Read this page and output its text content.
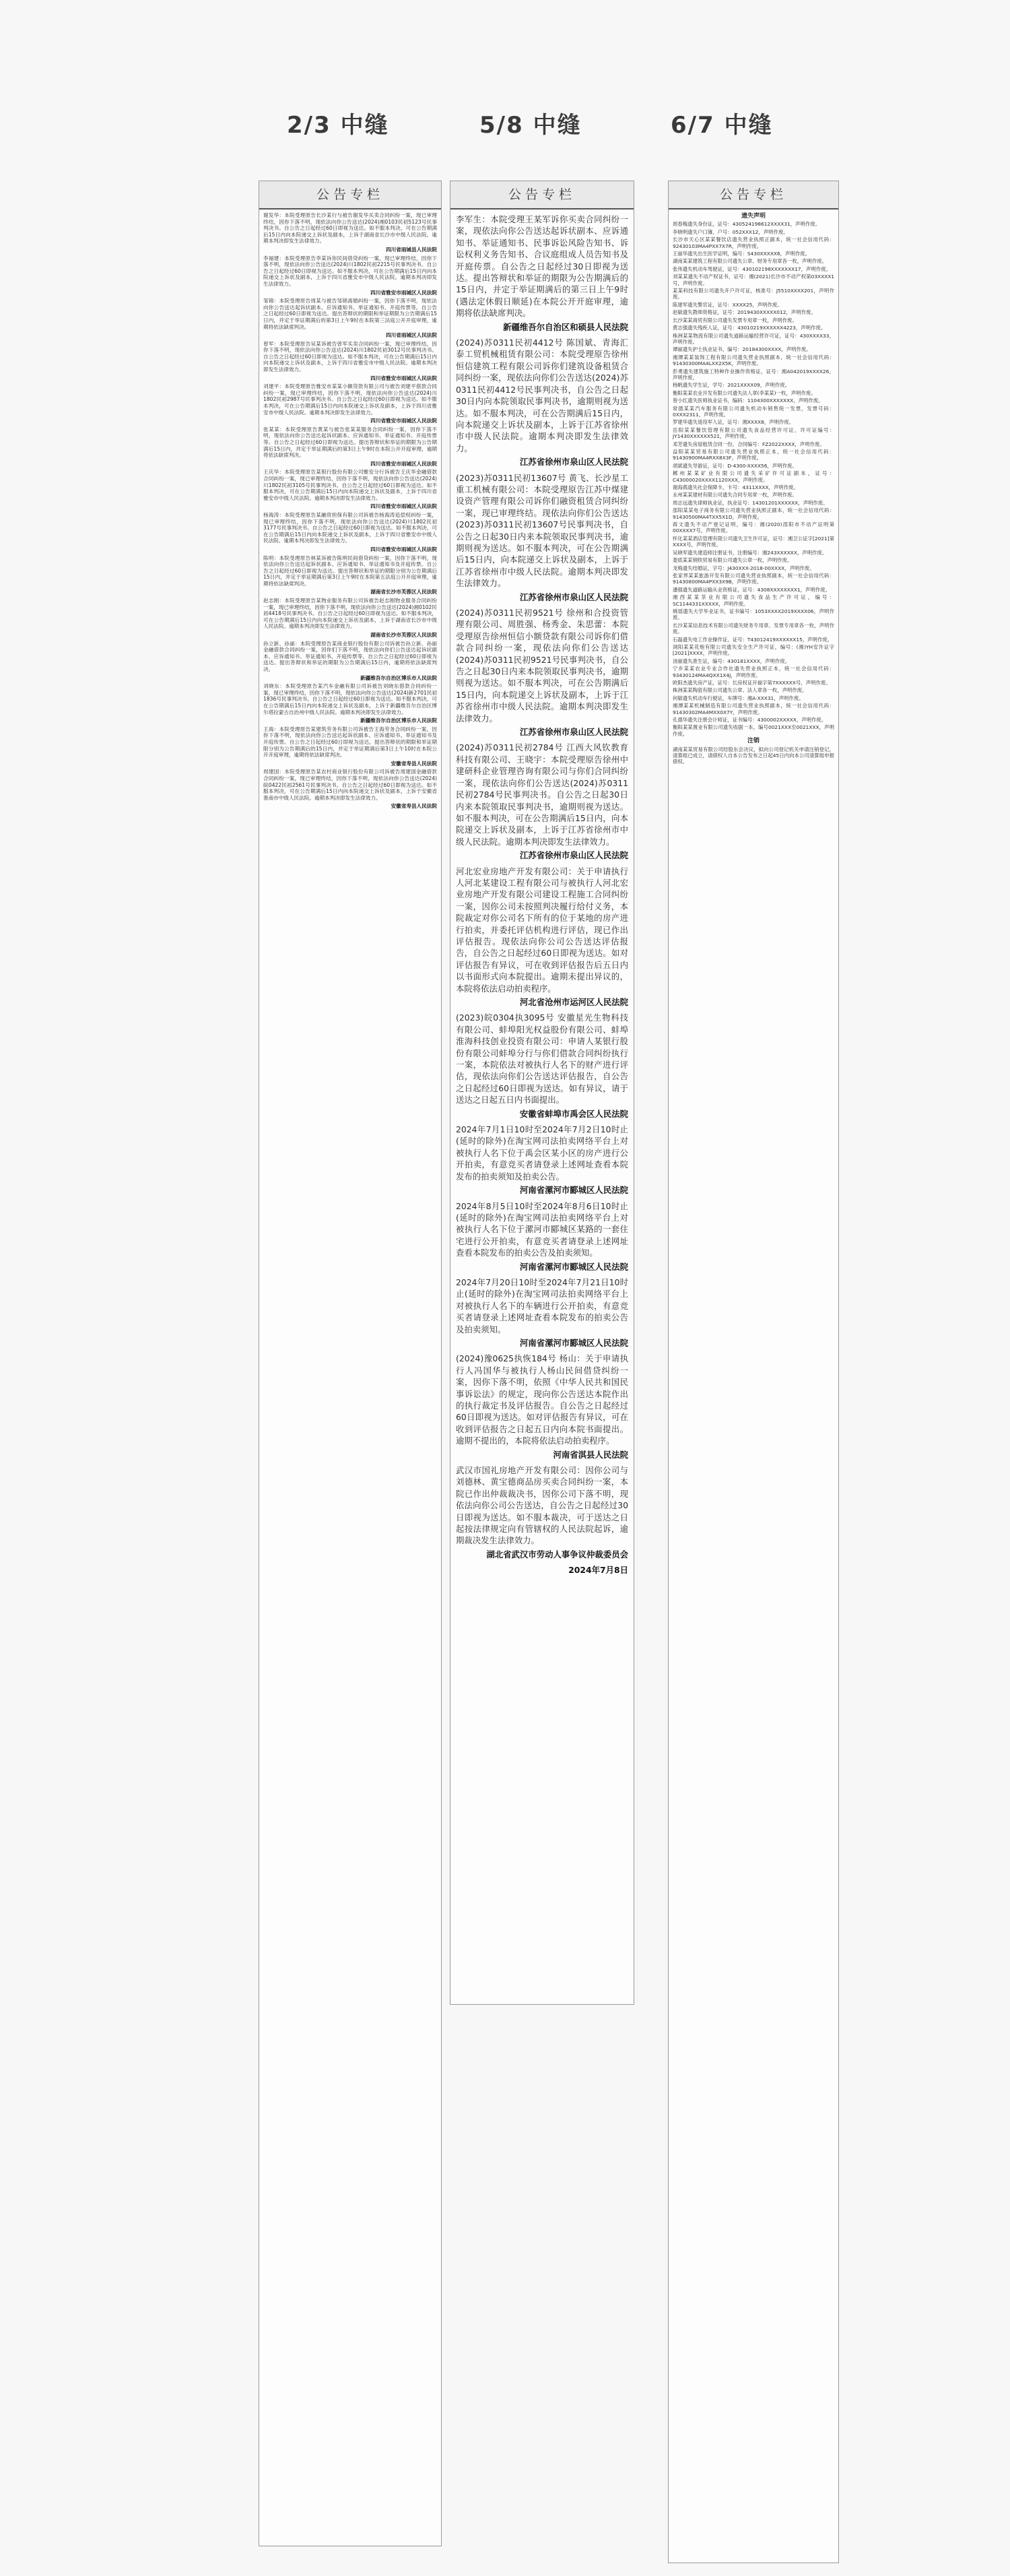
2/3 中缝	5/8 中缝	6/7 中缝
公告专栏
谢发华：本院受理原告长沙某行与被告谢发华买卖合同纠纷一案，现已审理终结，因你下落不明，现依法向你公告送达(2024)湘0103民初5123号民事判决书。自公告之日起经过60日即视为送达。如不服本判决，可在公告期满后15日内向本院递交上诉状及副本，上诉于湖南省长沙市中级人民法院。逾期本判决即发生法律效力。
四川省雨城县人民法院
李福建：本院受理原告李某诉你民间借贷纠纷一案，现已审理终结，因你下落不明，现依法向你公告送达(2024)川1802民初2215号民事判决书。自公告之日起经过60日即视为送达。如不服本判决，可在公告期满后15日内向本院递交上诉状及副本，上诉于四川省雅安市中级人民法院。逾期本判决即发生法律效力。
四川省雅安市雨城区人民法院
邹锦：本院受理原告周某与被告邹锦离婚纠纷一案，因你下落不明，现依法向你公告送达起诉状副本、应诉通知书、举证通知书、开庭传票等，自公告之日起经过60日即视为送达。提出答辩状的期限和举证期限为公告期满后15日内，并定于举证期满后的第3日上午9时在本院第三法庭公开开庭审理，逾期将依法缺席判决。
四川省雨城区人民法院
曾军：本院受理原告吴某诉被告曾军买卖合同纠纷一案，现已审理终结，因你下落不明，现依法向你公告送达(2024)川1802民初3012号民事判决书。自公告之日起经过60日即视为送达。如不服本判决，可在公告期满后15日内向本院递交上诉状及副本，上诉于四川省雅安市中级人民法院。逾期本判决即发生法律效力。
四川省雅安市雨城区人民法院
刘建平：本院受理原告雅安市某某小额贷款有限公司与被告刘建平借款合同纠纷一案，现已审理终结，因你下落不明，现依法向你公告送达(2024)川1802民初2987号民事判决书。自公告之日起经过60日即视为送达。如不服本判决，可在公告期满后15日内向本院递交上诉状及副本，上诉于四川省雅安市中级人民法院。逾期本判决即发生法律效力。
四川省雅安市雨城区人民法院
张某某：本院受理原告黄某与被告张某某服务合同纠纷一案，因你下落不明，现依法向你公告送达起诉状副本、应诉通知书、举证通知书、开庭传票等。自公告之日起经过60日即视为送达。提出答辩状和举证的期限为公告期满后15日内，并定于举证期满后的第3日上午9时在本院公开开庭审理，逾期将依法缺席判决。
四川省雅安市雨城区人民法院
王庆华：本院受理原告某银行股份有限公司雅安分行诉被告王庆华金融借款合同纠纷一案，现已审理终结，因你下落不明，现依法向你公告送达(2024)川1802民初3105号民事判决书。自公告之日起经过60日即视为送达。如不服本判决，可在公告期满后15日内向本院递交上诉状及副本，上诉于四川省雅安市中级人民法院。逾期本判决即发生法律效力。
四川省雅安市雨城区人民法院
杨海涛：本院受理原告某融资担保有限公司诉被告杨海涛追偿权纠纷一案，现已审理终结，因你下落不明，现依法向你公告送达(2024)川1802民初3177号民事判决书。自公告之日起经过60日即视为送达。如不服本判决，可在公告期满后15日内向本院递交上诉状及副本，上诉于四川省雅安市中级人民法院。逾期本判决即发生法律效力。
四川省雅安市雨城区人民法院
陈明：本院受理原告林某诉被告陈明民间借贷纠纷一案，因你下落不明，现依法向你公告送达起诉状副本、应诉通知书、举证通知书及开庭传票。自公告之日起经过60日即视为送达。提出答辩状和举证的期限分别为公告期满后15日内，并定于举证期满后第3日上午9时在本院第五法庭公开开庭审理，逾期将依法缺席判决。
湖南省长沙市芙蓉区人民法院
赵志刚：本院受理原告某物业服务有限公司诉被告赵志刚物业服务合同纠纷一案，现已审理终结，因你下落不明，现依法向你公告送达(2024)湘0102民初4418号民事判决书。自公告之日起经过60日即视为送达。如不服本判决，可在公告期满后15日内向本院递交上诉状及副本，上诉于湖南省长沙市中级人民法院。逾期本判决即发生法律效力。
湖南省长沙市芙蓉区人民法院
孙立新、孙丽：本院受理原告某商业银行股份有限公司诉被告孙立新、孙丽金融借款合同纠纷一案，因你们下落不明，现依法向你们公告送达起诉状副本、应诉通知书、举证通知书、开庭传票等。自公告之日起经过60日即视为送达。提出答辩状和举证的期限为公告期满后15日内，逾期将依法缺席判决。
新疆维吾尔自治区博乐市人民法院
刘晓东：本院受理原告某汽车金融有限公司诉被告刘晓东借款合同纠纷一案，现已审理终结，因你下落不明，现依法向你公告送达(2024)新2701民初1836号民事判决书。自公告之日起经过60日即视为送达。如不服本判决，可在公告期满后15日内向本院递交上诉状及副本，上诉于新疆维吾尔自治区博尔塔拉蒙古自治州中级人民法院。逾期本判决即发生法律效力。
新疆维吾尔自治区博乐市人民法院
王海：本院受理原告某建筑劳务有限公司诉被告王海劳务合同纠纷一案，因你下落不明，现依法向你公告送达起诉状副本、应诉通知书、举证通知书及开庭传票。自公告之日起经过60日即视为送达。提出答辩状的期限和举证期限分别为公告期满后的15日内，并定于举证期满后第3日上午10时在本院公开开庭审理，逾期将依法缺席判决。
安徽省寿县人民法院
周建国：本院受理原告某农村商业银行股份有限公司诉被告周建国金融借款合同纠纷一案，现已审理终结，因你下落不明，现依法向你公告送达(2024)皖0422民初2561号民事判决书。自公告之日起经过60日即视为送达。如不服本判决，可在公告期满后15日内向本院递交上诉状及副本，上诉于安徽省淮南市中级人民法院。逾期本判决即发生法律效力。
安徽省寿县人民法院
公告专栏
李军生：本院受理王某军诉你买卖合同纠纷一案，现依法向你公告送达起诉状副本、应诉通知书、举证通知书、民事诉讼风险告知书、诉讼权利义务告知书、合议庭组成人员告知书及开庭传票。自公告之日起经过30日即视为送达。提出答辩状和举证的期限为公告期满后的15日内，并定于举证期满后的第三日上午9时(遇法定休假日顺延)在本院公开开庭审理，逾期将依法缺席判决。
新疆维吾尔自治区和硕县人民法院
(2024)苏0311民初4412号 陈国斌、青海汇泰工贸机械租赁有限公司：本院受理原告徐州恒信建筑工程有限公司诉你们建筑设备租赁合同纠纷一案，现依法向你们公告送达(2024)苏0311民初4412号民事判决书，自公告之日起30日内向本院领取民事判决书，逾期则视为送达。如不服本判决，可在公告期满后15日内，向本院递交上诉状及副本，上诉于江苏省徐州市中级人民法院。逾期本判决即发生法律效力。
江苏省徐州市泉山区人民法院
(2023)苏0311民初13607号 黄飞、长沙星工重工机械有限公司：本院受理原告江苏中煤建设资产管理有限公司诉你们融资租赁合同纠纷一案，现已审理终结。现依法向你们公告送达(2023)苏0311民初13607号民事判决书，自公告之日起30日内来本院领取民事判决书，逾期则视为送达。如不服本判决，可在公告期满后15日内，向本院递交上诉状及副本，上诉于江苏省徐州市中级人民法院。逾期本判决即发生法律效力。
江苏省徐州市泉山区人民法院
(2024)苏0311民初9521号 徐州和合投资管理有限公司、周胜强、杨秀金、朱思蕾：本院受理原告徐州恒信小额贷款有限公司诉你们借款合同纠纷一案，现依法向你们公告送达(2024)苏0311民初9521号民事判决书，自公告之日起30日内来本院领取民事判决书，逾期则视为送达。如不服本判决，可在公告期满后15日内，向本院递交上诉状及副本，上诉于江苏省徐州市中级人民法院。逾期本判决即发生法律效力。
江苏省徐州市泉山区人民法院
(2024)苏0311民初2784号 江西大风钦教育科技有限公司、王晓宇：本院受理原告徐州中建研科企业管理咨询有限公司与你们合同纠纷一案，现依法向你们公告送达(2024)苏0311民初2784号民事判决书。自公告之日起30日内来本院领取民事判决书，逾期则视为送达。如不服本判决，可在公告期满后15日内，向本院递交上诉状及副本，上诉于江苏省徐州市中级人民法院。逾期本判决即发生法律效力。
江苏省徐州市泉山区人民法院
河北宏业房地产开发有限公司：关于申请执行人河北某建设工程有限公司与被执行人河北宏业房地产开发有限公司建设工程施工合同纠纷一案，因你公司未按照判决履行给付义务，本院裁定对你公司名下所有的位于某地的房产进行拍卖，并委托评估机构进行评估，现已作出评估报告。现依法向你公司公告送达评估报告，自公告之日起经过60日即视为送达。如对评估报告有异议，可在收到评估报告后五日内以书面形式向本院提出。逾期未提出异议的，本院将依法启动拍卖程序。
河北省沧州市运河区人民法院
(2023)皖0304执3095号 安徽星光生物科技有限公司、蚌埠阳光权益股份有限公司、蚌埠淮海科技创业投资有限公司：申请人某银行股份有限公司蚌埠分行与你们借款合同纠纷执行一案，本院依法对被执行人名下的财产进行评估，现依法向你们公告送达评估报告，自公告之日起经过60日即视为送达。如有异议，请于送达之日起五日内书面提出。
安徽省蚌埠市禹会区人民法院
2024年7月1日10时至2024年7月2日10时止(延时的除外)在淘宝网司法拍卖网络平台上对被执行人名下位于禹会区某小区的房产进行公开拍卖，有意竞买者请登录上述网址查看本院发布的拍卖须知及拍卖公告。
河南省漯河市郾城区人民法院
2024年8月5日10时至2024年8月6日10时止(延时的除外)在淘宝网司法拍卖网络平台上对被执行人名下位于漯河市郾城区某路的一套住宅进行公开拍卖，有意竞买者请登录上述网址查看本院发布的拍卖公告及拍卖须知。
河南省漯河市郾城区人民法院
2024年7月20日10时至2024年7月21日10时止(延时的除外)在淘宝网司法拍卖网络平台上对被执行人名下的车辆进行公开拍卖，有意竞买者请登录上述网址查看本院发布的拍卖公告及拍卖须知。
河南省漯河市郾城区人民法院
(2024)豫0625执恢184号 杨山：关于申请执行人冯国华与被执行人杨山民间借贷纠纷一案，因你下落不明，依照《中华人民共和国民事诉讼法》的规定，现向你公告送达本院作出的执行裁定书及评估报告。自公告之日起经过60日即视为送达。如对评估报告有异议，可在收到评估报告之日起五日内向本院书面提出。逾期不提出的，本院将依法启动拍卖程序。
河南省淇县人民法院
武汉市国礼房地产开发有限公司：因你公司与刘德林、黄宝德商品房买卖合同纠纷一案，本院已作出仲裁裁决书，因你公司下落不明，现依法向你公司公告送达，自公告之日起经过30日即视为送达。如不服本裁决，可于送达之日起按法律规定向有管辖权的人民法院起诉，逾期裁决发生法律效力。
湖北省武汉市劳动人事争议仲裁委员会
2024年7月8日
公告专栏
遗失声明
周春梅遗失身份证，证号：430524198612XXXX31，声明作废。
李晓明遗失户口簿，户号：052XXX12，声明作废。
长沙市天心区某某餐饮店遗失营业执照正副本，统一社会信用代码：92430103MA4PXX7X7R，声明作废。
王丽华遗失出生医学证明，编号：S430XXXXX6，声明作废。
湖南某某建筑工程有限公司遗失公章、财务专用章各一枚，声明作废。
张伟遗失机动车驾驶证，证号：430102198XXXXXXX17，声明作废。
刘某某遗失不动产权证书，证号：湘(2021)长沙市不动产权第03XXXX1号，声明作废。
某某科技有限公司遗失开户许可证，核准号：J5510XXXX201，声明作废。
陈建军遗失警官证，证号：XXXX25，声明作废。
赵敏遗失教师资格证，证号：2019430XXXXX012，声明作废。
长沙某某商贸有限公司遗失发票专用章一枚，声明作废。
黄志强遗失残疾人证，证号：43010219XXXXXX4223，声明作废。
株洲某某物流有限公司遗失道路运输经营许可证，证号：430XXXX33，声明作废。
谭丽遗失护士执业证书，编号：20184300XXXX，声明作废。
湘潭某某装饰工程有限公司遗失营业执照副本，统一社会信用代码：91430300MA4LXX2X5K，声明作废。
彭勇遗失建筑施工特种作业操作资格证，证号：湘A042019XXXX26，声明作废。
杨帆遗失学生证，学号：2021XXXX09，声明作废。
衡阳某某农业开发有限公司遗失法人章(李某某)一枚，声明作废。
曾小红遗失医师执业证书，编码：1104300XXXXXXX，声明作废。
常德某某汽车服务有限公司遗失机动车销售统一发票，发票号码：0XXX2311，声明作废。
罗建华遗失退役军人证，证号：湘XXXX8，声明作废。
岳阳某某餐饮管理有限公司遗失食品经营许可证，许可证编号：JY1430XXXXXX521，声明作废。
邓芳遗失房屋租赁合同一份，合同编号：FZ2022XXXX，声明作废。
益阳某某贸易有限公司遗失营业执照正本，统一社会信用代码：91430900MA4RXX8X3F，声明作废。
胡斌遗失导游证，证号：D-4300-XXXX56，声明作废。
郴州某某矿业有限公司遗失采矿许可证副本，证号：C43000020XXXX1120XXX，声明作废。
谢海燕遗失社会保障卡，卡号：4311XXXX，声明作废。
永州某某建材有限公司遗失合同专用章一枚，声明作废。
周志远遗失律师执业证，执业证号：14301201XXXXXX，声明作废。
邵阳某某电子商务有限公司遗失营业执照正副本，统一社会信用代码：91430500MA4TXX5X1D，声明作废。
蒋文遗失不动产登记证明，编号：湘(2020)邵阳市不动产证明第00XXXX7号，声明作废。
怀化某某酒店管理有限公司遗失卫生许可证，证号：湘卫公证字[2021]第XXXX号，声明作废。
吴晓军遗失建造师注册证书，注册编号：湘243XXXXXX，声明作废。
娄底某某钢铁贸易有限公司遗失公章一枚，声明作废。
龙梅遗失结婚证，字号：J430XXX-2018-00XXXX，声明作废。
张家界某某旅游开发有限公司遗失营业执照副本，统一社会信用代码：91430800MA4PXX3X9B，声明作废。
潘强遗失道路运输从业资格证，证号：4308XXXXXXXX1，声明作废。
湘西某某茶业有限公司遗失食品生产许可证，编号：SC1144331XXXXX，声明作废。
姚瑶遗失大学毕业证书，证书编号：1053XXXX2019XXXX06，声明作废。
长沙某某信息技术有限公司遗失财务专用章、发票专用章各一枚，声明作废。
石磊遗失电工作业操作证，证号：T43012419XXXXXX15，声明作废。
浏阳某某花炮有限公司遗失安全生产许可证，编号：(湘)YH安许证字[2021]XXXX，声明作废。
汤丽遗失准生证，编号：430181XXXX，声明作废。
宁乡某某农业专业合作社遗失营业执照正本，统一社会信用代码：93430124MA4QXX1X4J，声明作废。
欧阳杰遗失房产证，证号：长房权证开福字第7XXXXXX号，声明作废。
株洲某某陶瓷有限公司遗失公章、法人章各一枚，声明作废。
何敏遗失机动车行驶证，车牌号：湘A·XXX31，声明作废。
湘潭某某机械制造有限公司遗失营业执照副本，统一社会信用代码：91430302MA4MXX0X7Y，声明作废。
孔德华遗失注册会计师证，证书编号：4300002XXXXX，声明作废。
衡阳某某置业有限公司遗失收据一本，编号0021XXX至0021XXX，声明作废。
注销
湖南某某贸易有限公司经股东会决议，拟向公司登记机关申请注销登记，清算组已成立，请债权人自本公告发布之日起45日内向本公司清算组申报债权。
